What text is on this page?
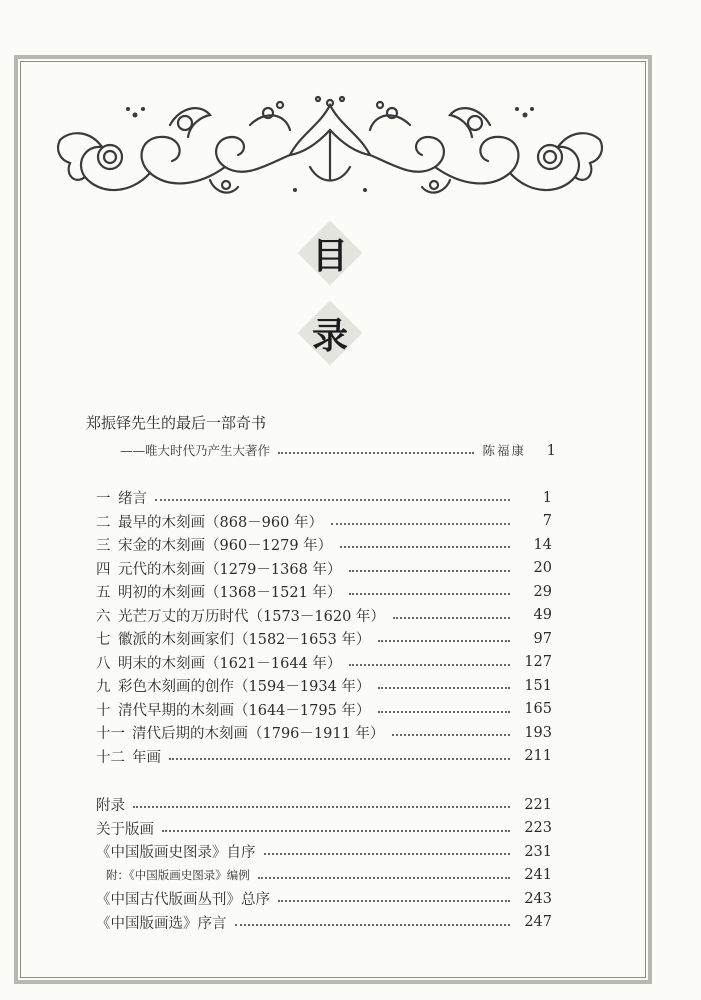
目
录
郑振铎先生的最后一部奇书
——唯大时代乃产生大著作	陈福康	1
一 绪言	1
二 最早的木刻画（868－960 年）	7
三 宋金的木刻画（960－1279 年）	14
四 元代的木刻画（1279－1368 年）	20
五 明初的木刻画（1368－1521 年）	29
六 光芒万丈的万历时代（1573－1620 年）	49
七 徽派的木刻画家们（1582－1653 年）	97
八 明末的木刻画（1621－1644 年）	127
九 彩色木刻画的创作（1594－1934 年）	151
十 清代早期的木刻画（1644－1795 年）	165
十一 清代后期的木刻画（1796－1911 年）	193
十二 年画	211
附录	221
关于版画	223
《中国版画史图录》自序	231
附：《中国版画史图录》编例	241
《中国古代版画丛刊》总序	243
《中国版画选》序言	247
